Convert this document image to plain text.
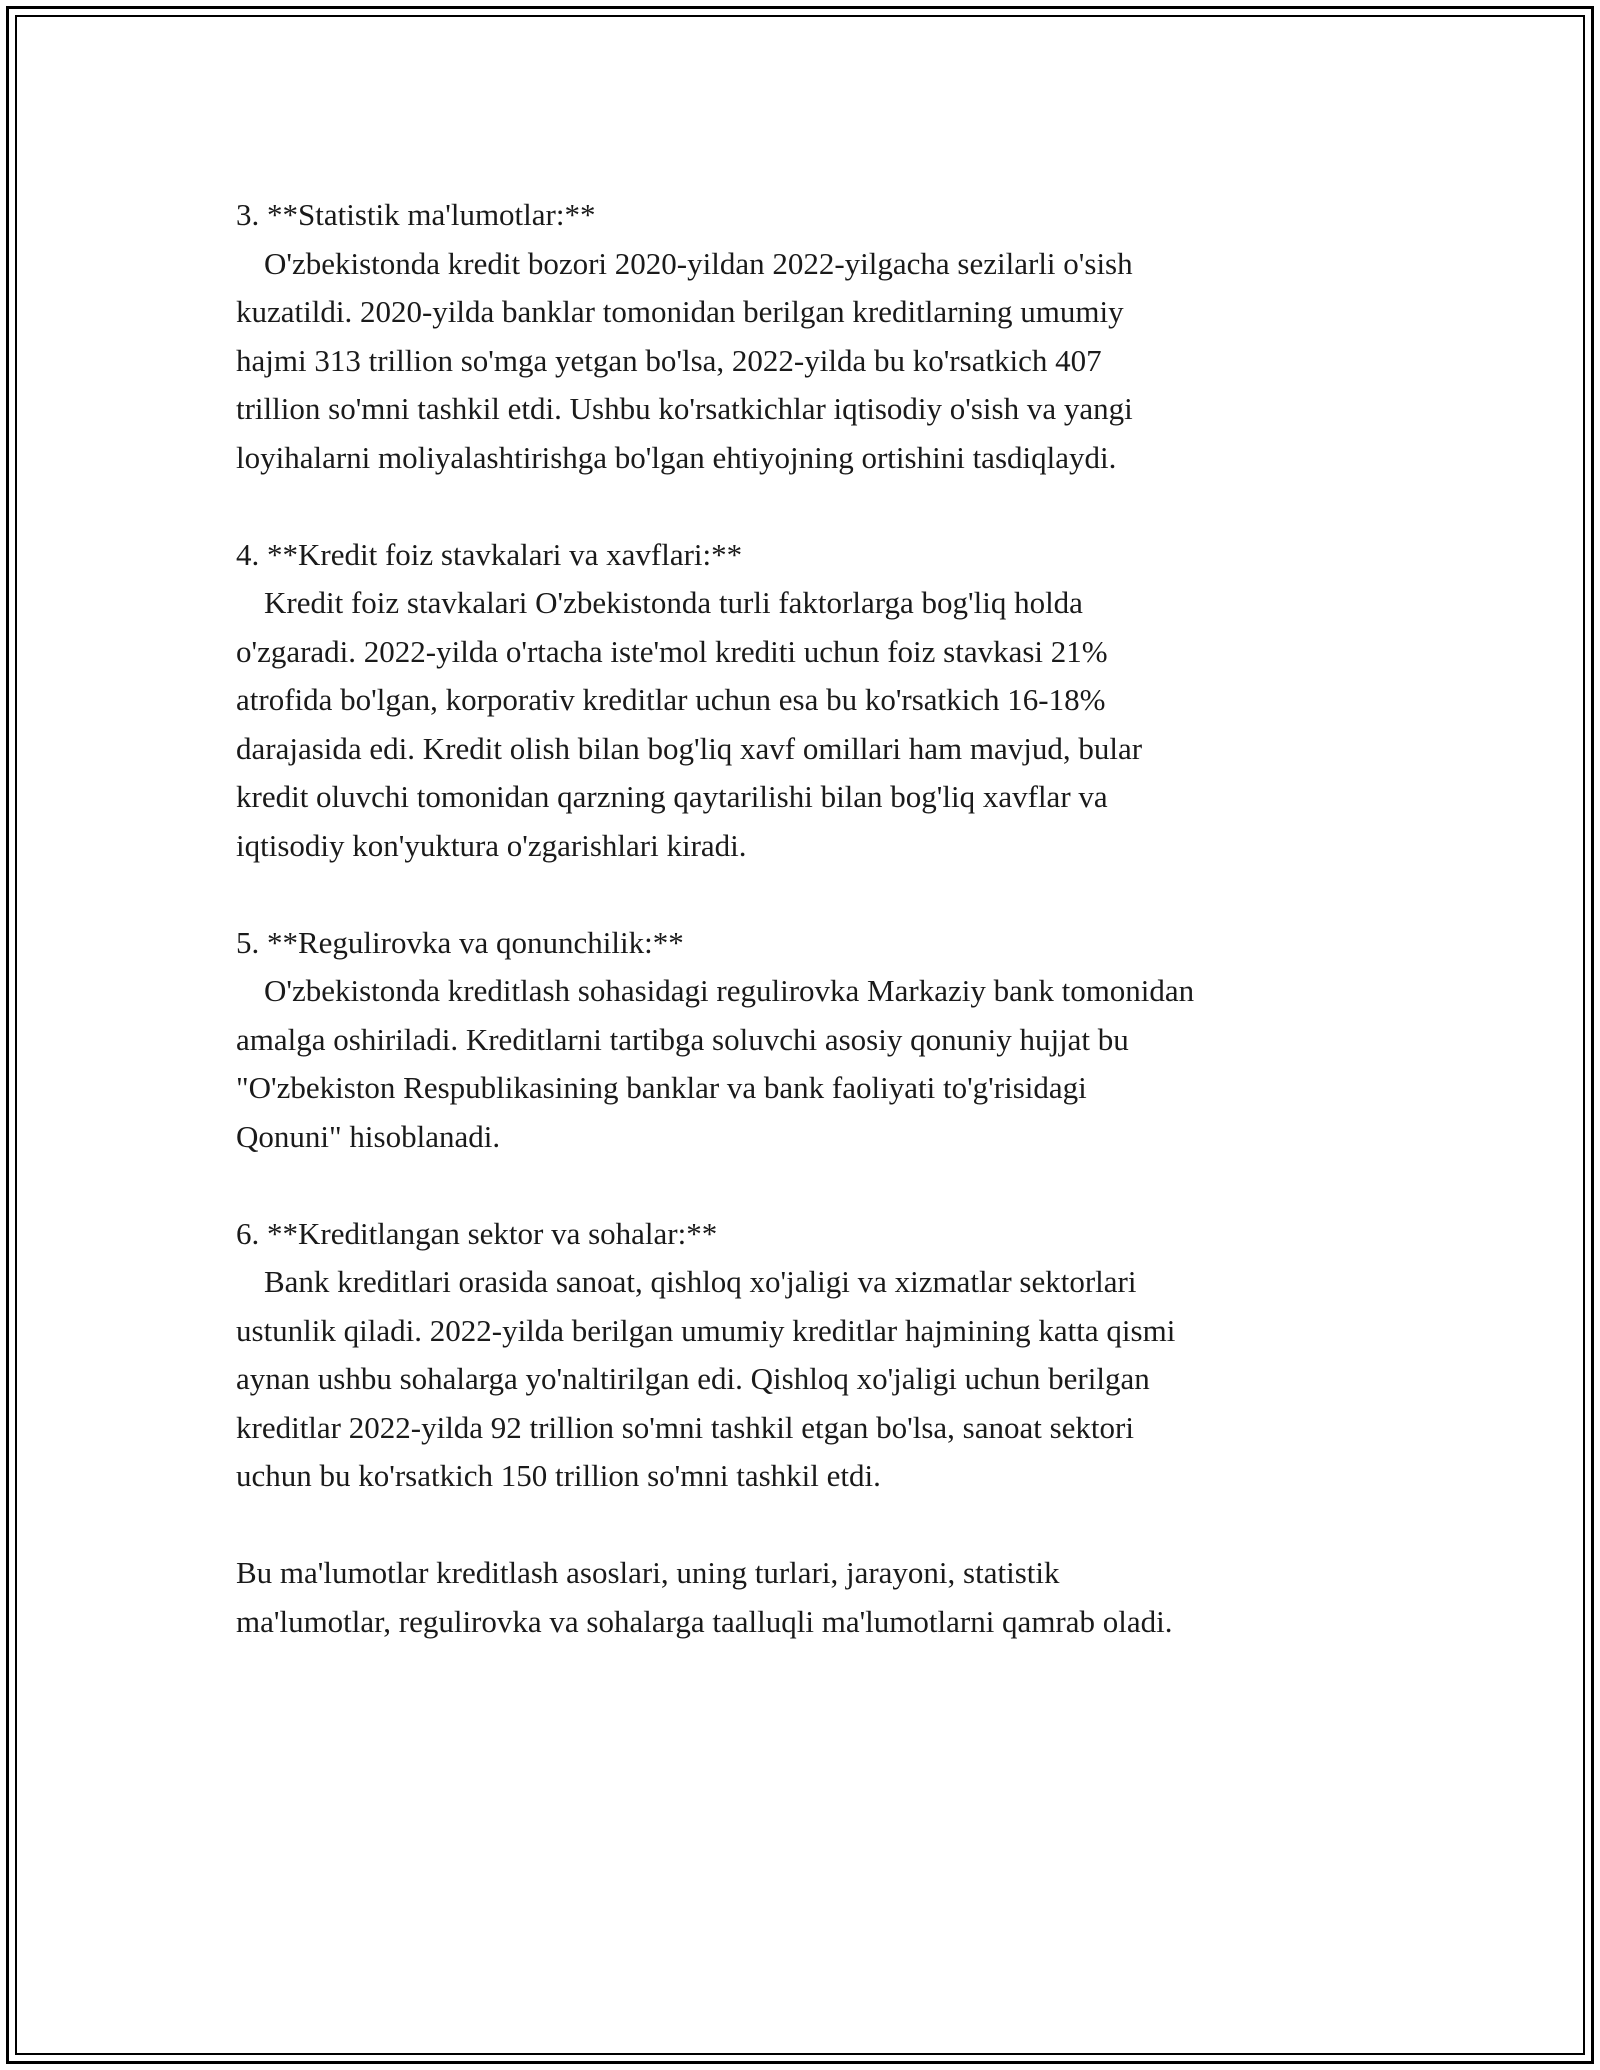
3. **Statistik ma'lumotlar:**
O'zbekistonda kredit bozori 2020-yildan 2022-yilgacha sezilarli o'sish
kuzatildi. 2020-yilda banklar tomonidan berilgan kreditlarning umumiy
hajmi 313 trillion so'mga yetgan bo'lsa, 2022-yilda bu ko'rsatkich 407
trillion so'mni tashkil etdi. Ushbu ko'rsatkichlar iqtisodiy o'sish va yangi
loyihalarni moliyalashtirishga bo'lgan ehtiyojning ortishini tasdiqlaydi.
4. **Kredit foiz stavkalari va xavflari:**
Kredit foiz stavkalari O'zbekistonda turli faktorlarga bog'liq holda
o'zgaradi. 2022-yilda o'rtacha iste'mol krediti uchun foiz stavkasi 21%
atrofida bo'lgan, korporativ kreditlar uchun esa bu ko'rsatkich 16-18%
darajasida edi. Kredit olish bilan bog'liq xavf omillari ham mavjud, bular
kredit oluvchi tomonidan qarzning qaytarilishi bilan bog'liq xavflar va
iqtisodiy kon'yuktura o'zgarishlari kiradi.
5. **Regulirovka va qonunchilik:**
O'zbekistonda kreditlash sohasidagi regulirovka Markaziy bank tomonidan
amalga oshiriladi. Kreditlarni tartibga soluvchi asosiy qonuniy hujjat bu
"O'zbekiston Respublikasining banklar va bank faoliyati to'g'risidagi
Qonuni" hisoblanadi.
6. **Kreditlangan sektor va sohalar:**
Bank kreditlari orasida sanoat, qishloq xo'jaligi va xizmatlar sektorlari
ustunlik qiladi. 2022-yilda berilgan umumiy kreditlar hajmining katta qismi
aynan ushbu sohalarga yo'naltirilgan edi. Qishloq xo'jaligi uchun berilgan
kreditlar 2022-yilda 92 trillion so'mni tashkil etgan bo'lsa, sanoat sektori
uchun bu ko'rsatkich 150 trillion so'mni tashkil etdi.
Bu ma'lumotlar kreditlash asoslari, uning turlari, jarayoni, statistik
ma'lumotlar, regulirovka va sohalarga taalluqli ma'lumotlarni qamrab oladi.
